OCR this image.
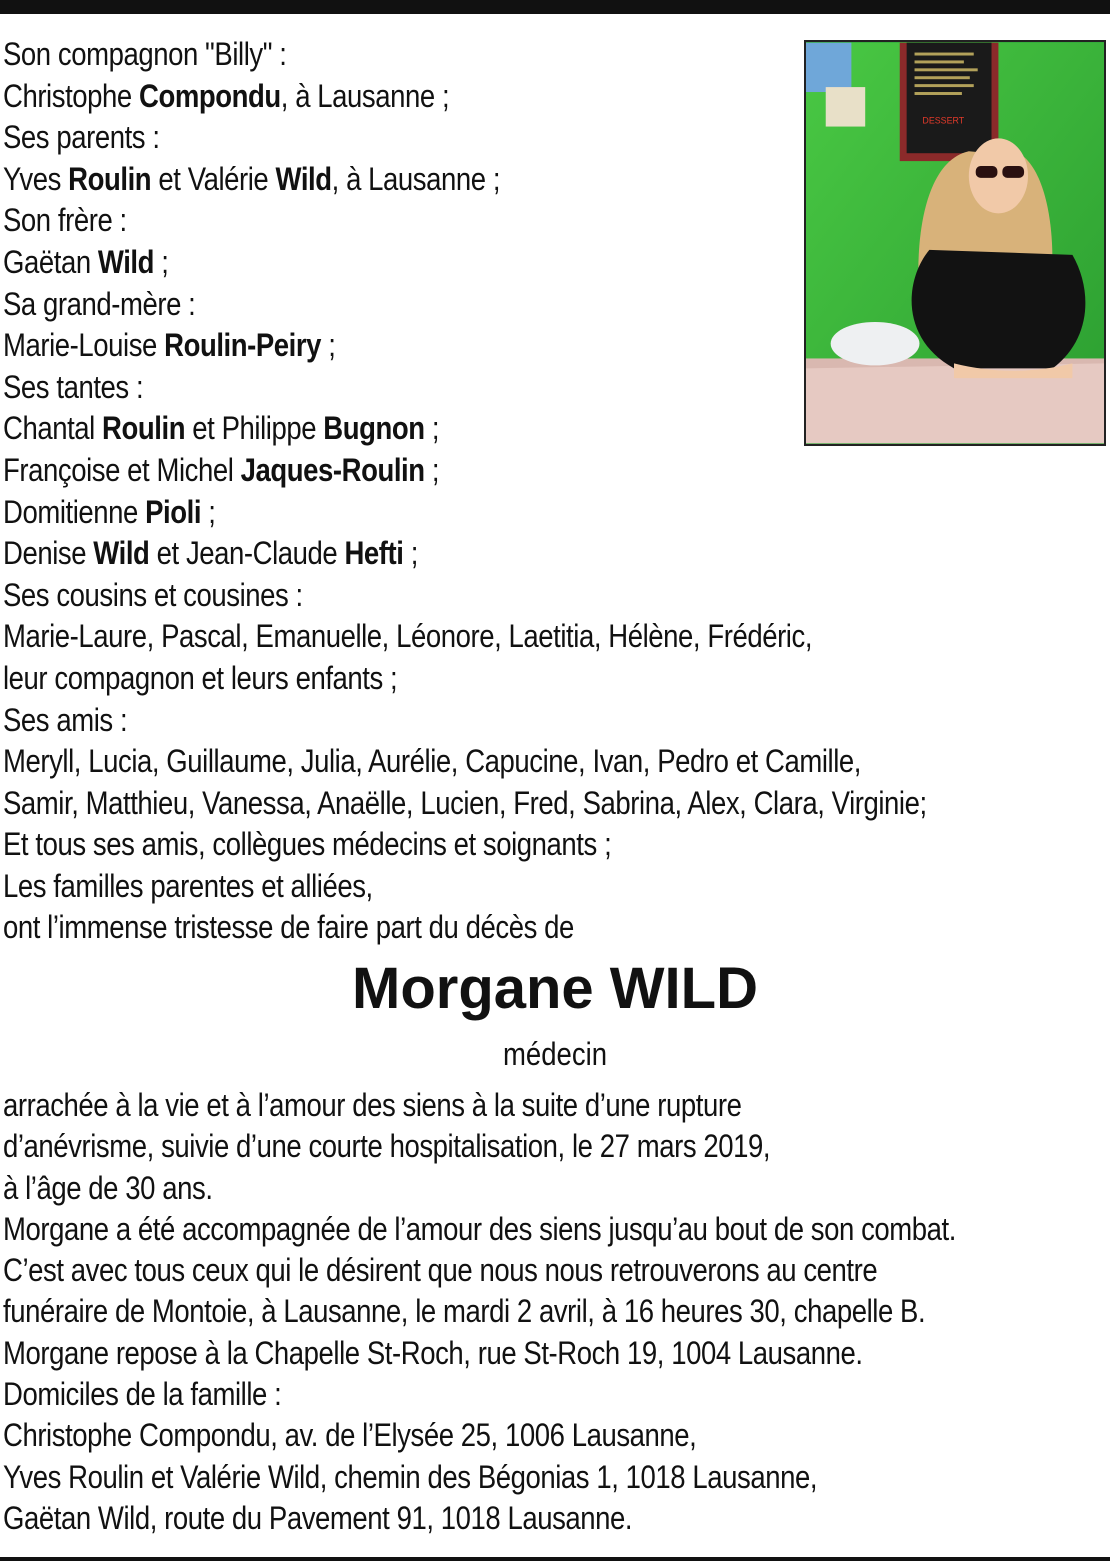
Son compagnon "Billy" :
Christophe Compondu, à Lausanne ;
Ses parents :
Yves Roulin et Valérie Wild, à Lausanne ;
Son frère :
Gaëtan Wild ;
Sa grand-mère :
Marie-Louise Roulin-Peiry ;
Ses tantes :
Chantal Roulin et Philippe Bugnon ;
Françoise et Michel Jaques-Roulin ;
Domitienne Pioli ;
Denise Wild et Jean-Claude Hefti ;
Ses cousins et cousines :
Marie-Laure, Pascal, Emanuelle, Léonore, Laetitia, Hélène, Frédéric,
leur compagnon et leurs enfants ;
Ses amis :
Meryll, Lucia, Guillaume, Julia, Aurélie, Capucine, Ivan, Pedro et Camille,
Samir, Matthieu, Vanessa, Anaëlle, Lucien, Fred, Sabrina, Alex, Clara, Virginie;
Et tous ses amis, collègues médecins et soignants ;
Les familles parentes et alliées,
ont l’immense tristesse de faire part du décès de
DESSERT
Morgane WILD
médecin
arrachée à la vie et à l’amour des siens à la suite d’une rupture
d’anévrisme, suivie d’une courte hospitalisation, le 27 mars 2019,
à l’âge de 30 ans.
Morgane a été accompagnée de l’amour des siens jusqu’au bout de son combat.
C’est avec tous ceux qui le désirent que nous nous retrouverons au centre
funéraire de Montoie, à Lausanne, le mardi 2 avril, à 16 heures 30, chapelle B.
Morgane repose à la Chapelle St-Roch, rue St-Roch 19, 1004 Lausanne.
Domiciles de la famille :
Christophe Compondu, av. de l’Elysée 25, 1006 Lausanne,
Yves Roulin et Valérie Wild, chemin des Bégonias 1, 1018 Lausanne,
Gaëtan Wild, route du Pavement 91, 1018 Lausanne.
